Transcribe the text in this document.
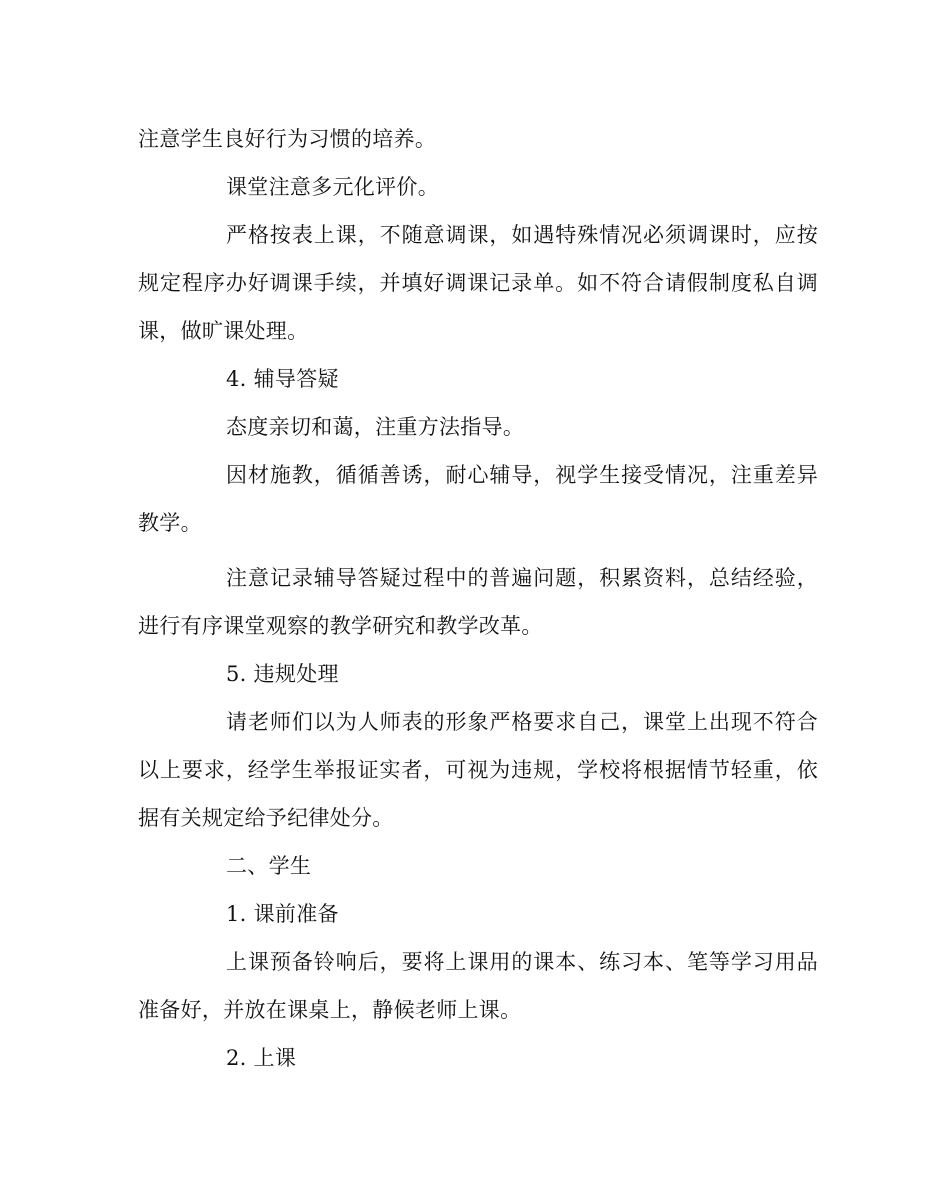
注意学生良好行为习惯的培养。
课堂注意多元化评价。
严格按表上课，不随意调课，如遇特殊情况必须调课时，应按
规定程序办好调课手续，并填好调课记录单。如不符合请假制度私自调
课，做旷课处理。
4. 辅导答疑
态度亲切和蔼，注重方法指导。
因材施教，循循善诱，耐心辅导，视学生接受情况，注重差异
教学。
注意记录辅导答疑过程中的普遍问题，积累资料，总结经验，
进行有序课堂观察的教学研究和教学改革。
5. 违规处理
请老师们以为人师表的形象严格要求自己，课堂上出现不符合
以上要求，经学生举报证实者，可视为违规，学校将根据情节轻重，依
据有关规定给予纪律处分。
二、学生
1. 课前准备
上课预备铃响后，要将上课用的课本、练习本、笔等学习用品
准备好，并放在课桌上，静候老师上课。
2. 上课
